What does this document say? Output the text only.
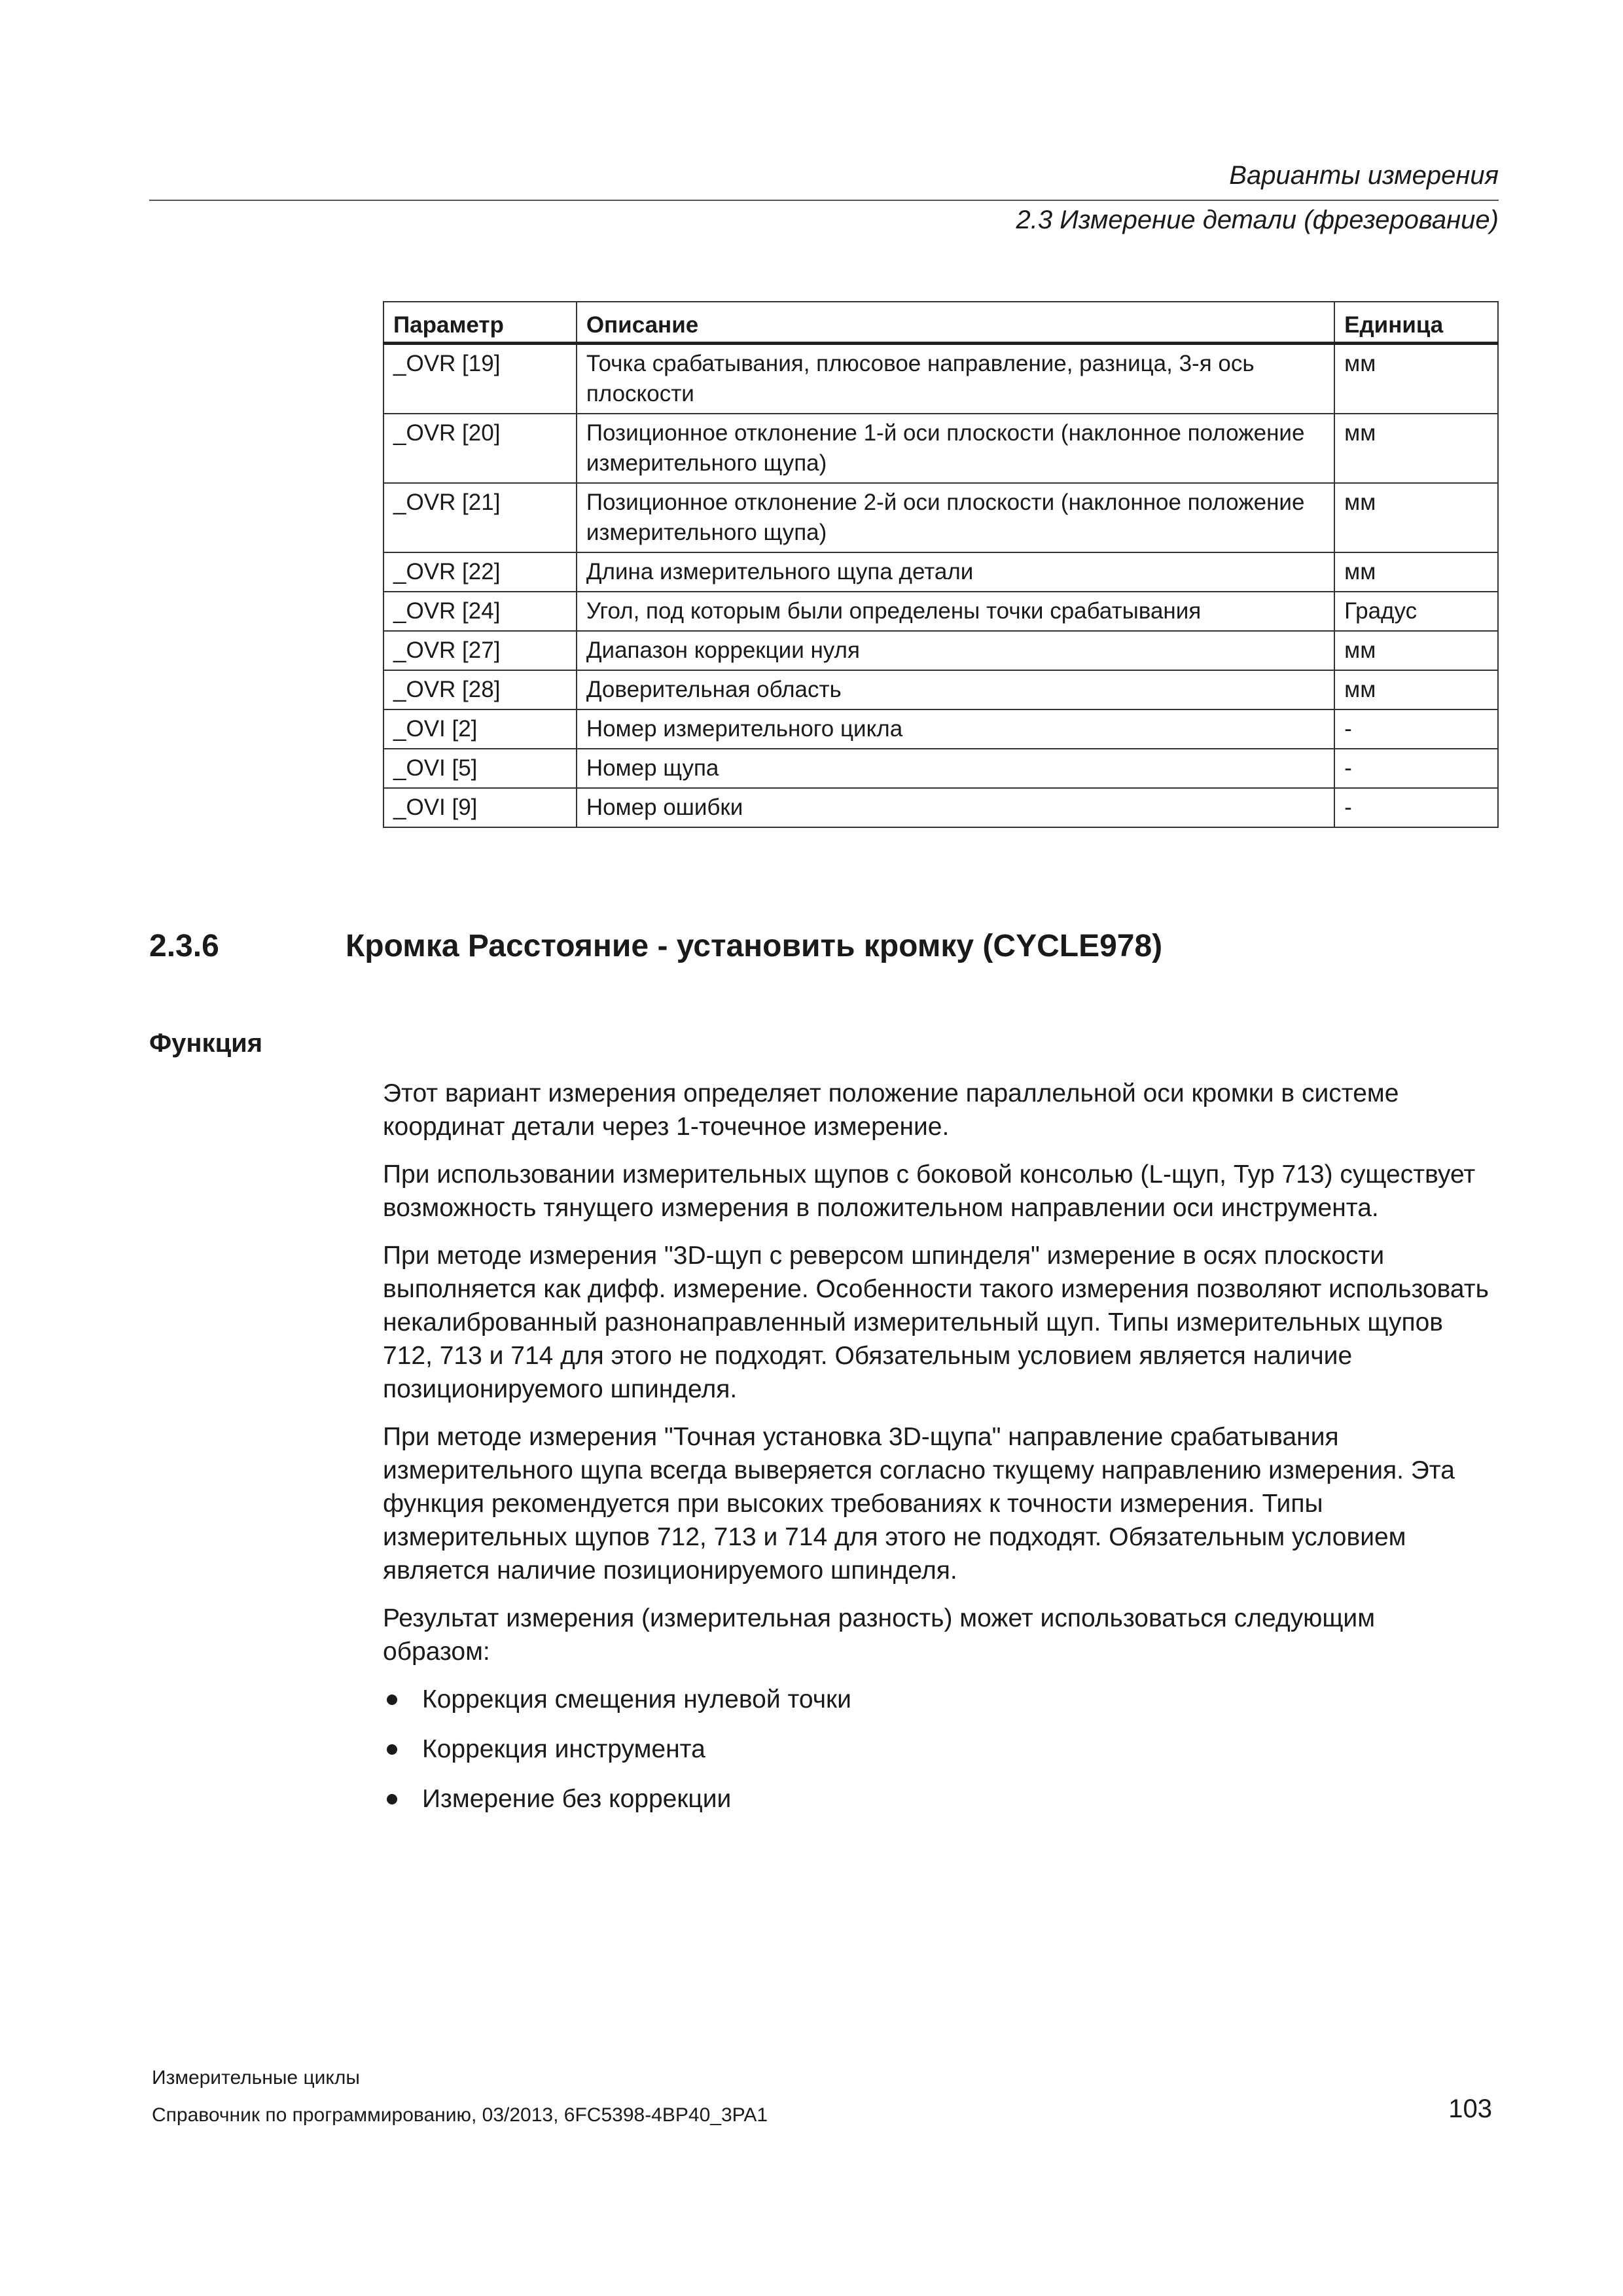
Варианты измерения
2.3 Измерение детали (фрезерование)
Параметр	Описание	Единица
_OVR [19]	Точка срабатывания, плюсовое направление, разница, 3-я ось плоскости	мм
_OVR [20]	Позиционное отклонение 1-й оси плоскости (наклонное положение измерительного щупа)	мм
_OVR [21]	Позиционное отклонение 2-й оси плоскости (наклонное положение измерительного щупа)	мм
_OVR [22]	Длина измерительного щупа детали	мм
_OVR [24]	Угол, под которым были определены точки срабатывания	Градус
_OVR [27]	Диапазон коррекции нуля	мм
_OVR [28]	Доверительная область	мм
_OVI [2]	Номер измерительного цикла	-
_OVI [5]	Номер щупа	-
_OVI [9]	Номер ошибки	-
2.3.6	Кромка Расстояние - установить кромку (CYCLE978)
Функция

Этот вариант измерения определяет положение параллельной оси кромки в системе координат детали через 1-точечное измерение.

При использовании измерительных щупов с боковой консолью (L-щуп, Typ 713) существует возможность тянущего измерения в положительном направлении оси инструмента.

При методе измерения "3D-щуп с реверсом шпинделя" измерение в осях плоскости выполняется как дифф. измерение. Особенности такого измерения позволяют использовать некалиброванный разнонаправленный измерительный щуп. Типы измерительных щупов 712, 713 и 714 для этого не подходят. Обязательным условием является наличие позиционируемого шпинделя.

При методе измерения "Точная установка 3D-щупа" направление срабатывания измерительного щупа всегда выверяется согласно ткущему направлению измерения. Эта функция рекомендуется при высоких требованиях к точности измерения. Типы измерительных щупов 712, 713 и 714 для этого не подходят. Обязательным условием является наличие позиционируемого шпинделя.

Результат измерения (измерительная разность) может использоваться следующим образом:

Коррекция смещения нулевой точки
Коррекция инструмента
Измерение без коррекции
Измерительные циклы
Справочник по программированию, 03/2013, 6FC5398-4BP40_3PA1	103
